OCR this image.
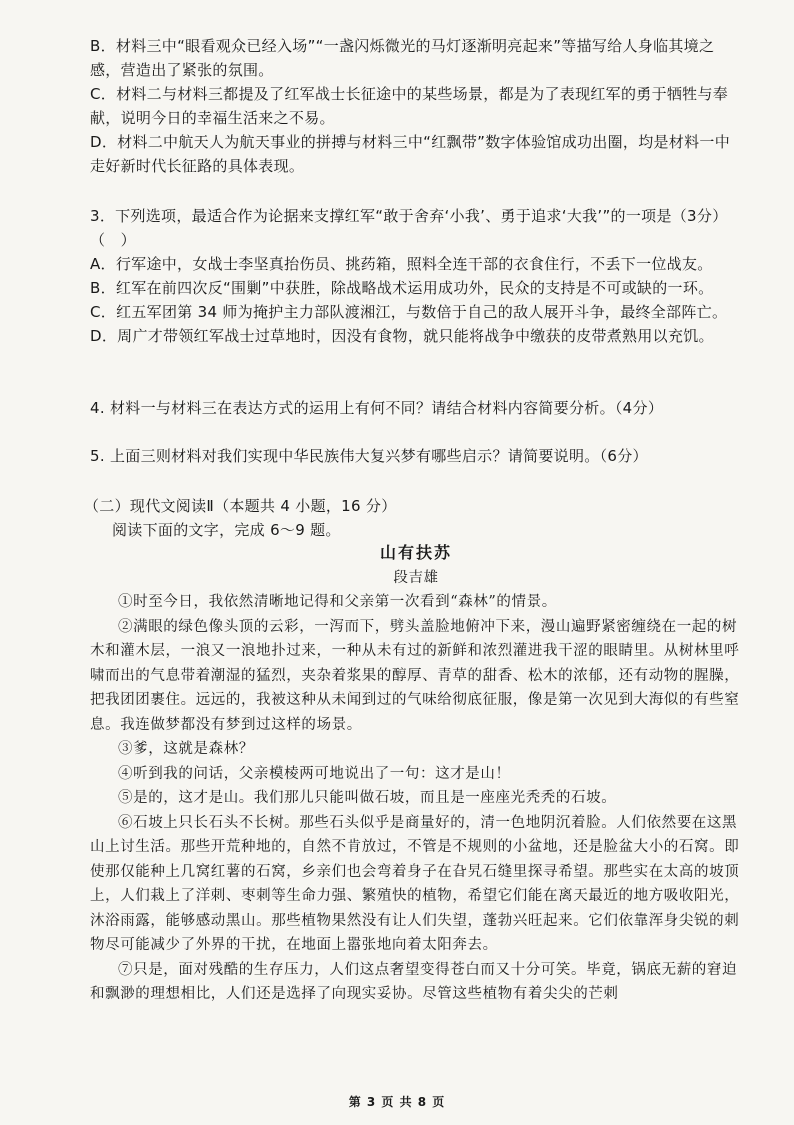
B．材料三中“眼看观众已经入场”“一盏闪烁微光的马灯逐渐明亮起来”等描写给人身临其境之感，营造出了紧张的氛围。

C．材料二与材料三都提及了红军战士长征途中的某些场景，都是为了表现红军的勇于牺牲与奉献，说明今日的幸福生活来之不易。

D．材料二中航天人为航天事业的拼搏与材料三中“红飘带”数字体验馆成功出圈，均是材料一中走好新时代长征路的具体表现。

3．下列选项，最适合作为论据来支撑红军“敢于舍弃‘小我’、勇于追求‘大我’”的一项是（3分）（　）

A．行军途中，女战士李坚真抬伤员、挑药箱，照料全连干部的衣食住行，不丢下一位战友。

B．红军在前四次反“围剿”中获胜，除战略战术运用成功外，民众的支持是不可或缺的一环。

C．红五军团第 34 师为掩护主力部队渡湘江，与数倍于自己的敌人展开斗争，最终全部阵亡。

D．周广才带领红军战士过草地时，因没有食物，就只能将战争中缴获的皮带煮熟用以充饥。

4. 材料一与材料三在表达方式的运用上有何不同？请结合材料内容简要分析。（4分）

5. 上面三则材料对我们实现中华民族伟大复兴梦有哪些启示？请简要说明。（6分）

（二）现代文阅读Ⅱ（本题共 4 小题，16 分）

阅读下面的文字，完成 6～9 题。

山有扶苏

段吉雄

①时至今日，我依然清晰地记得和父亲第一次看到“森林”的情景。

②满眼的绿色像头顶的云彩，一泻而下，劈头盖脸地俯冲下来，漫山遍野紧密缠绕在一起的树木和灌木层，一浪又一浪地扑过来，一种从未有过的新鲜和浓烈灌进我干涩的眼睛里。从树林里呼啸而出的气息带着潮湿的猛烈，夹杂着浆果的醇厚、青草的甜香、松木的浓郁，还有动物的腥臊，把我团团裹住。远远的，我被这种从未闻到过的气味给彻底征服，像是第一次见到大海似的有些窒息。我连做梦都没有梦到过这样的场景。

③爹，这就是森林？

④听到我的问话，父亲模棱两可地说出了一句：这才是山！

⑤是的，这才是山。我们那儿只能叫做石坡，而且是一座座光秃秃的石坡。

⑥石坡上只长石头不长树。那些石头似乎是商量好的，清一色地阴沉着脸。人们依然要在这黑山上讨生活。那些开荒种地的，自然不肯放过，不管是不规则的小盆地，还是脸盆大小的石窝。即使那仅能种上几窝红薯的石窝，乡亲们也会弯着身子在旮旯石缝里探寻希望。那些实在太高的坡顶上，人们栽上了洋刺、枣刺等生命力强、繁殖快的植物，希望它们能在离天最近的地方吸收阳光，沐浴雨露，能够感动黑山。那些植物果然没有让人们失望，蓬勃兴旺起来。它们依靠浑身尖锐的刺物尽可能减少了外界的干扰，在地面上嚣张地向着太阳奔去。

⑦只是，面对残酷的生存压力，人们这点奢望变得苍白而又十分可笑。毕竟，锅底无薪的窘迫和飘渺的理想相比，人们还是选择了向现实妥协。尽管这些植物有着尖尖的芒刺

第 3 页 共 8 页
